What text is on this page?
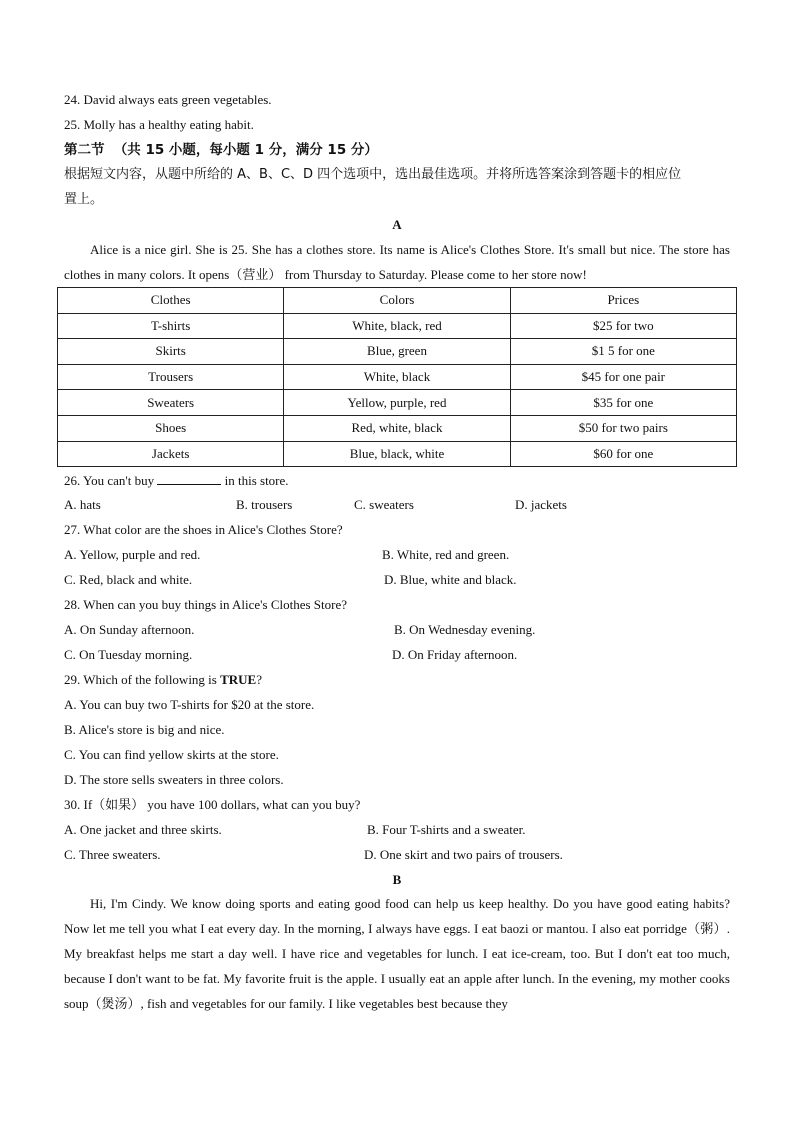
24. David always eats green vegetables.
25. Molly has a healthy eating habit.
第二节 （共 15 小题，每小题 1 分，满分 15 分）
根据短文内容，从题中所给的 A、B、C、D 四个选项中，选出最佳选项。并将所选答案涂到答题卡的相应位
置上。
A
Alice is a nice girl. She is 25. She has a clothes store. Its name is Alice's Clothes Store. It's small but nice. The store has clothes in many colors. It opens（营业） from Thursday to Saturday. Please come to her store now!
Clothes	Colors	Prices
T-shirts	White, black, red	$25 for two
Skirts	Blue, green	$1 5 for one
Trousers	White, black	$45 for one pair
Sweaters	Yellow, purple, red	$35 for one
Shoes	Red, white, black	$50 for two pairs
Jackets	Blue, black, white	$60 for one
26. You can't buy	in this store.
A. hats	B. trousers	C. sweaters	D. jackets
27. What color are the shoes in Alice's Clothes Store?
A. Yellow, purple and red.	B. White, red and green.
C. Red, black and white.	D. Blue, white and black.
28. When can you buy things in Alice's Clothes Store?
A. On Sunday afternoon.	B. On Wednesday evening.
C. On Tuesday morning.	D. On Friday afternoon.
29. Which of the following is TRUE?
A. You can buy two T-shirts for $20 at the store.
B. Alice's store is big and nice.
C. You can find yellow skirts at the store.
D. The store sells sweaters in three colors.
30. If（如果） you have 100 dollars, what can you buy?
A. One jacket and three skirts.	B. Four T-shirts and a sweater.
C. Three sweaters.	D. One skirt and two pairs of trousers.
B
Hi, I'm Cindy. We know doing sports and eating good food can help us keep healthy. Do you have good eating habits? Now let me tell you what I eat every day. In the morning, I always have eggs. I eat baozi or mantou. I also eat porridge（粥）. My breakfast helps me start a day well. I have rice and vegetables for lunch. I eat ice-cream, too. But I don't eat too much, because I don't want to be fat. My favorite fruit is the apple. I usually eat an apple after lunch. In the evening, my mother cooks soup（煲汤）, fish and vegetables for our family. I like vegetables best because they
